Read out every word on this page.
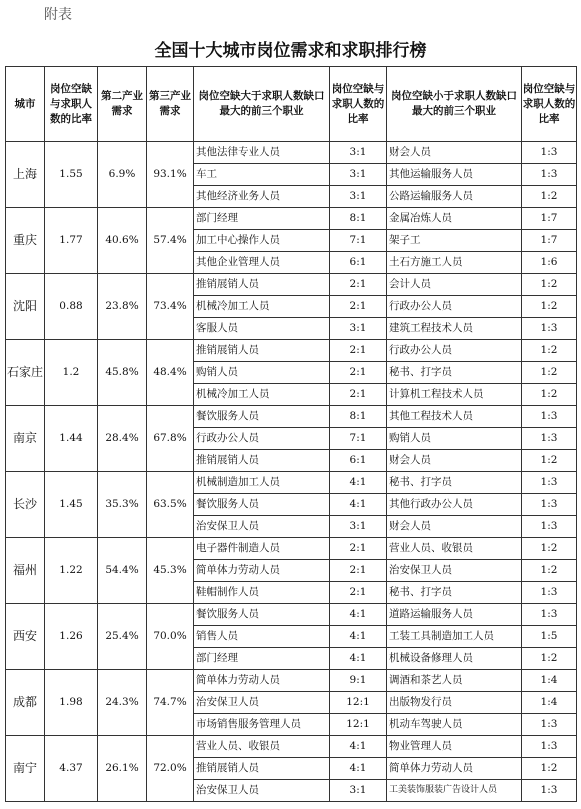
附表
全国十大城市岗位需求和求职排行榜
城市	岗位空缺与求职人数的比率	第二产业需求	第三产业需求	岗位空缺大于求职人数缺口最大的前三个职业	岗位空缺与求职人数的比率	岗位空缺小于求职人数缺口最大的前三个职业	岗位空缺与求职人数的比率
上海	1.55	6.9%	93.1%	其他法律专业人员	3:1	财会人员	1:3
				车工	3:1	其他运输服务人员	1:3
				其他经济业务人员	3:1	公路运输服务人员	1:2
重庆	1.77	40.6%	57.4%	部门经理	8:1	金属冶炼人员	1:7
				加工中心操作人员	7:1	架子工	1:7
				其他企业管理人员	6:1	土石方施工人员	1:6
沈阳	0.88	23.8%	73.4%	推销展销人员	2:1	会计人员	1:2
				机械冷加工人员	2:1	行政办公人员	1:2
				客服人员	3:1	建筑工程技术人员	1:3
石家庄	1.2	45.8%	48.4%	推销展销人员	2:1	行政办公人员	1:2
				购销人员	2:1	秘书、打字员	1:2
				机械冷加工人员	2:1	计算机工程技术人员	1:2
南京	1.44	28.4%	67.8%	餐饮服务人员	8:1	其他工程技术人员	1:3
				行政办公人员	7:1	购销人员	1:3
				推销展销人员	6:1	财会人员	1:2
长沙	1.45	35.3%	63.5%	机械制造加工人员	4:1	秘书、打字员	1:3
				餐饮服务人员	4:1	其他行政办公人员	1:3
				治安保卫人员	3:1	财会人员	1:3
福州	1.22	54.4%	45.3%	电子器件制造人员	2:1	营业人员、收银员	1:2
				简单体力劳动人员	2:1	治安保卫人员	1:2
				鞋帽制作人员	2:1	秘书、打字员	1:3
西安	1.26	25.4%	70.0%	餐饮服务人员	4:1	道路运输服务人员	1:3
				销售人员	4:1	工装工具制造加工人员	1:5
				部门经理	4:1	机械设备修理人员	1:2
成都	1.98	24.3%	74.7%	简单体力劳动人员	9:1	调酒和茶艺人员	1:4
				治安保卫人员	12:1	出版物发行员	1:4
				市场销售服务管理人员	12:1	机动车驾驶人员	1:3
南宁	4.37	26.1%	72.0%	营业人员、收银员	4:1	物业管理人员	1:3
				推销展销人员	4:1	简单体力劳动人员	1:2
				治安保卫人员	3:1	工美装饰服装广告设计人员	1:3
